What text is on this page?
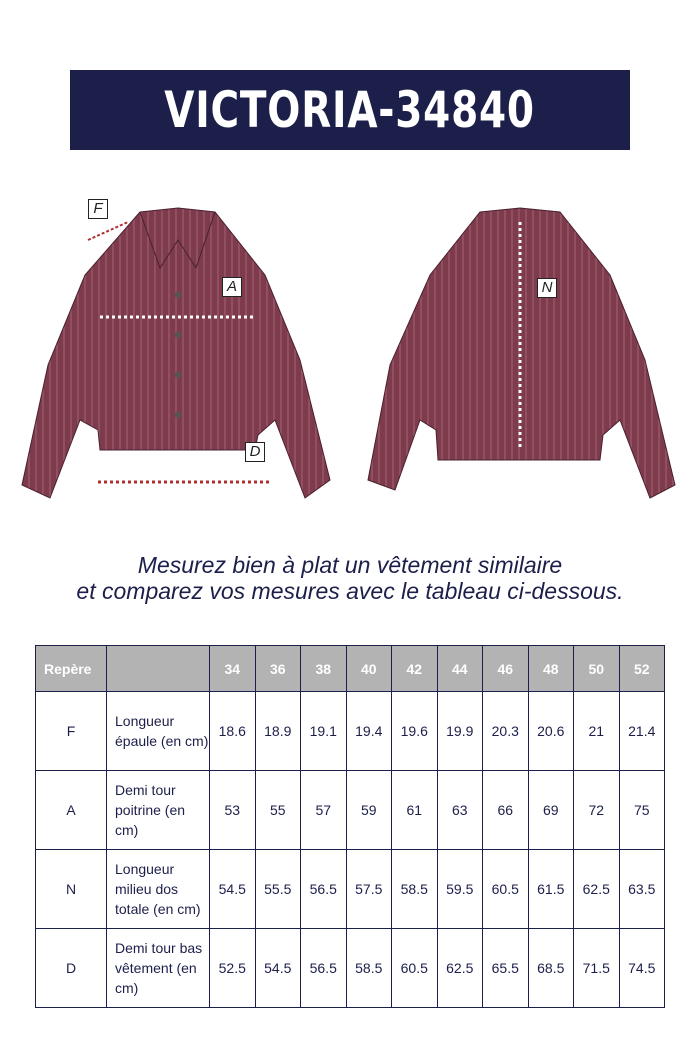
VICTORIA-34840
F
A
D
N
Mesurez bien à plat un vêtement similaire
et comparez vos mesures avec le tableau ci-dessous.
Repère		34	36	38	40	42	44	46	48	50	52
F	Longueur épaule (en cm)	18.6	18.9	19.1	19.4	19.6	19.9	20.3	20.6	21	21.4
A	Demi tour poitrine (en cm)	53	55	57	59	61	63	66	69	72	75
N	Longueur milieu dos totale (en cm)	54.5	55.5	56.5	57.5	58.5	59.5	60.5	61.5	62.5	63.5
D	Demi tour bas vêtement (en cm)	52.5	54.5	56.5	58.5	60.5	62.5	65.5	68.5	71.5	74.5
